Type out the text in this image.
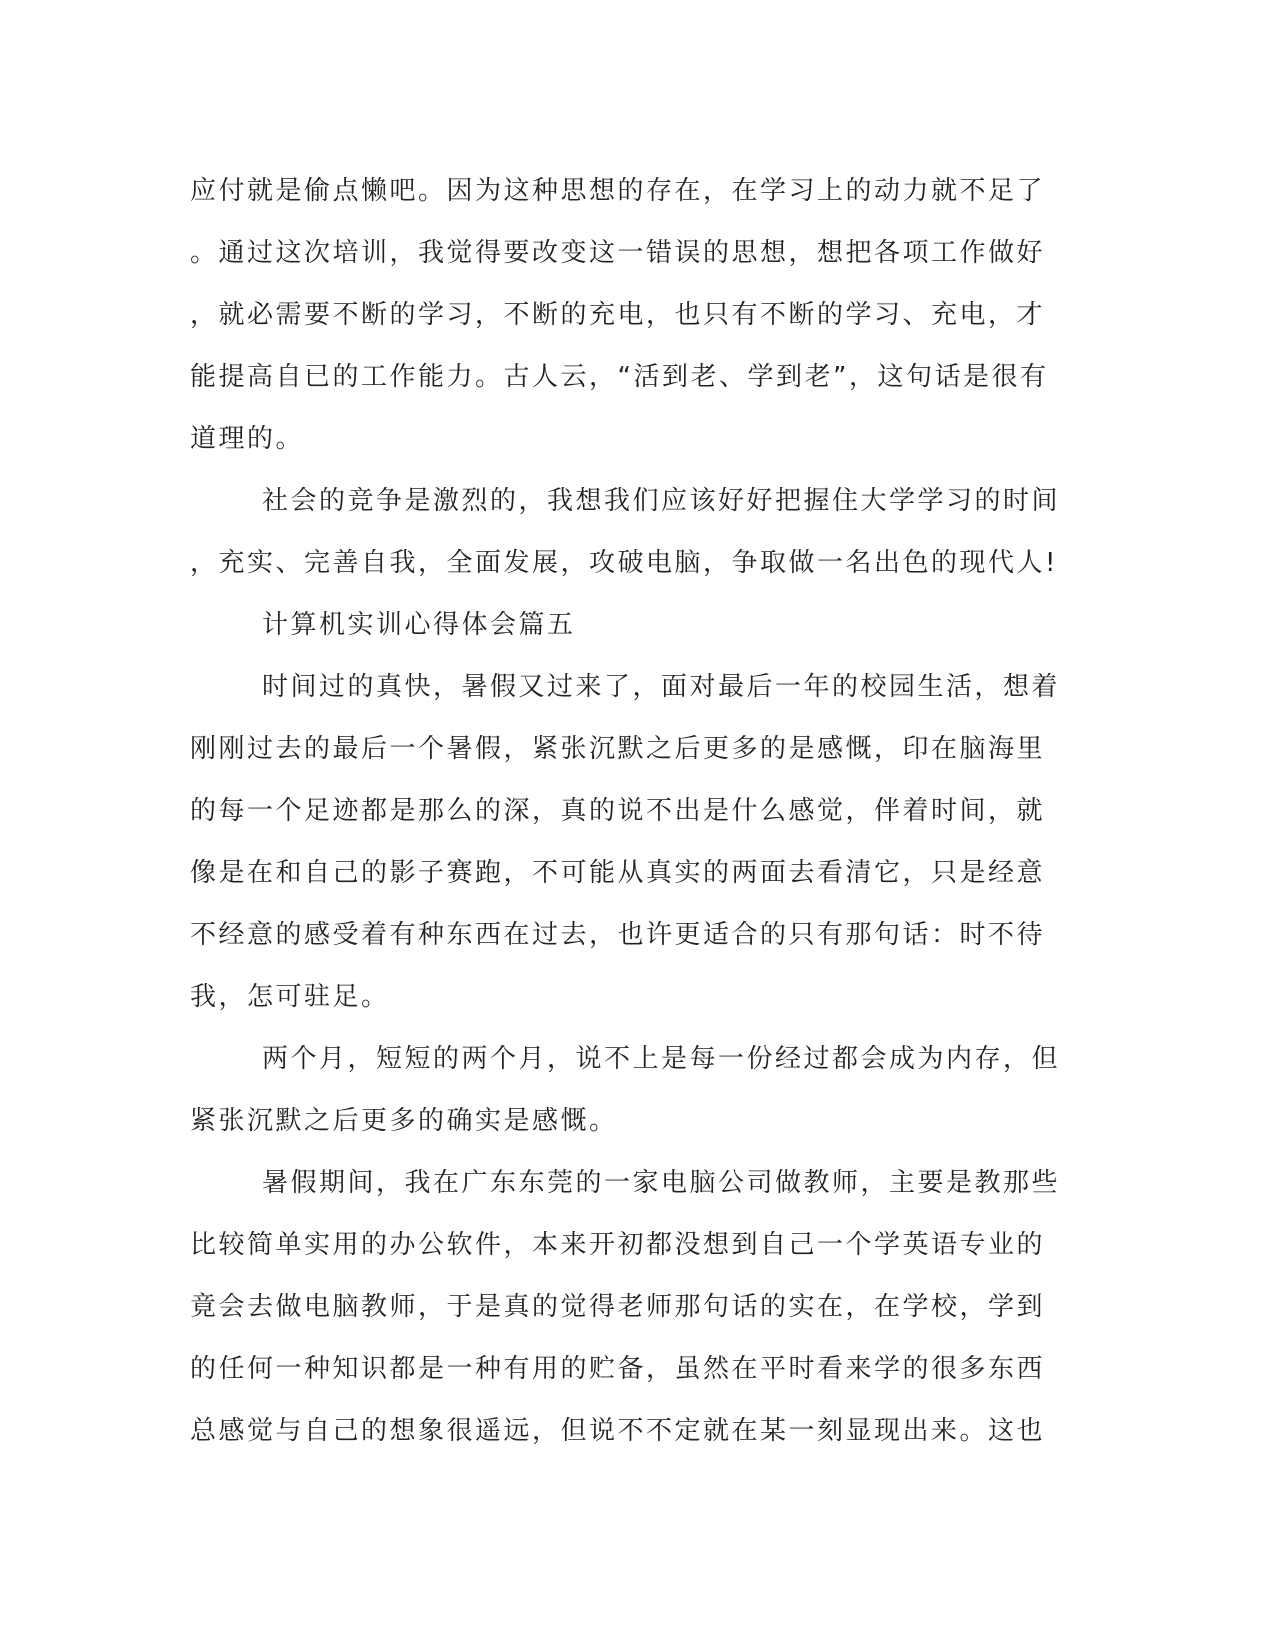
应付就是偷点懒吧。因为这种思想的存在，在学习上的动力就不足了
。通过这次培训，我觉得要改变这一错误的思想，想把各项工作做好
，就必需要不断的学习，不断的充电，也只有不断的学习、充电，才
能提高自已的工作能力。古人云，“活到老、学到老”，这句话是很有
道理的。
社会的竞争是激烈的，我想我们应该好好把握住大学学习的时间
，充实、完善自我，全面发展，攻破电脑，争取做一名出色的现代人!
计算机实训心得体会篇五
时间过的真快，暑假又过来了，面对最后一年的校园生活，想着
刚刚过去的最后一个暑假，紧张沉默之后更多的是感慨，印在脑海里
的每一个足迹都是那么的深，真的说不出是什么感觉，伴着时间，就
像是在和自己的影子赛跑，不可能从真实的两面去看清它，只是经意
不经意的感受着有种东西在过去，也许更适合的只有那句话：时不待
我，怎可驻足。
两个月，短短的两个月，说不上是每一份经过都会成为内存，但
紧张沉默之后更多的确实是感慨。
暑假期间，我在广东东莞的一家电脑公司做教师，主要是教那些
比较简单实用的办公软件，本来开初都没想到自己一个学英语专业的
竟会去做电脑教师，于是真的觉得老师那句话的实在，在学校，学到
的任何一种知识都是一种有用的贮备，虽然在平时看来学的很多东西
总感觉与自己的想象很遥远，但说不不定就在某一刻显现出来。这也
